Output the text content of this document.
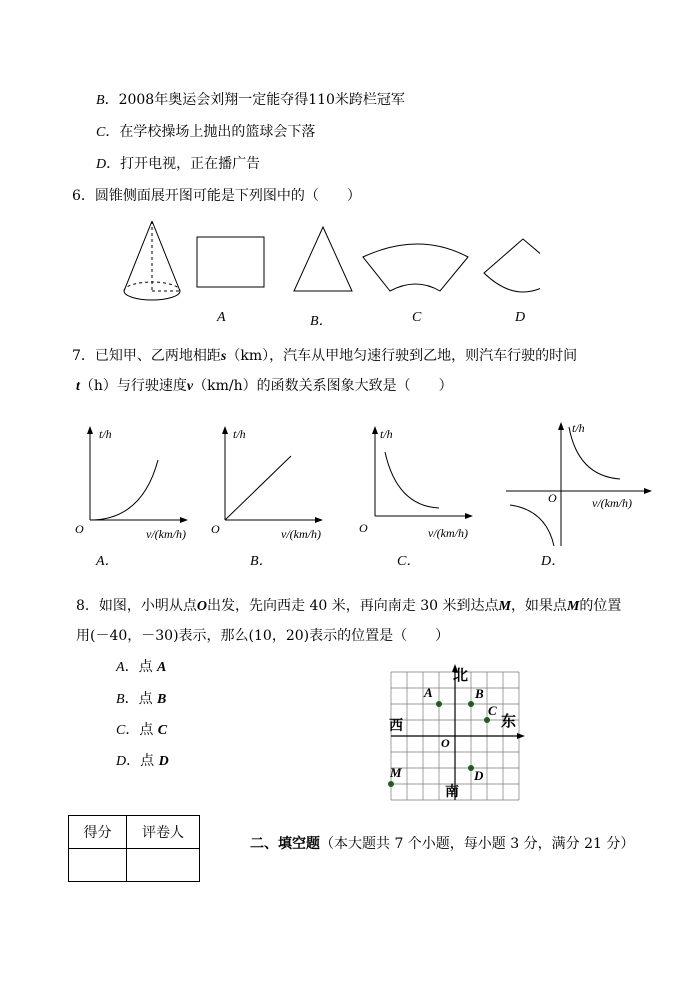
B．2008年奥运会刘翔一定能夺得110米跨栏冠军
C．在学校操场上抛出的篮球会下落
D．打开电视，正在播广告
6．圆锥侧面展开图可能是下列图中的（　　）
A	B．	C	D
7．已知甲、乙两地相距s（km），汽车从甲地匀速行驶到乙地，则汽车行驶的时间
t（h）与行驶速度v（km/h）的函数关系图象大致是（　　）
t/h
O	v/(km/h)
A．
t/h
O	v/(km/h)
B．
t/h
O	v/(km/h)
C．
t/h
O	v/(km/h)
D．
8．如图，小明从点O出发，先向西走 40 米，再向南走 30 米到达点M，如果点M的位置
用(－40，－30)表示，那么(10，20)表示的位置是（　　）
A．点 A
B．点 B
C．点 C
D．点 D
北
南
东
西
O
A	B
C
D
M
得分	评卷人

二、填空题（本大题共 7 个小题，每小题 3 分，满分 21 分）
